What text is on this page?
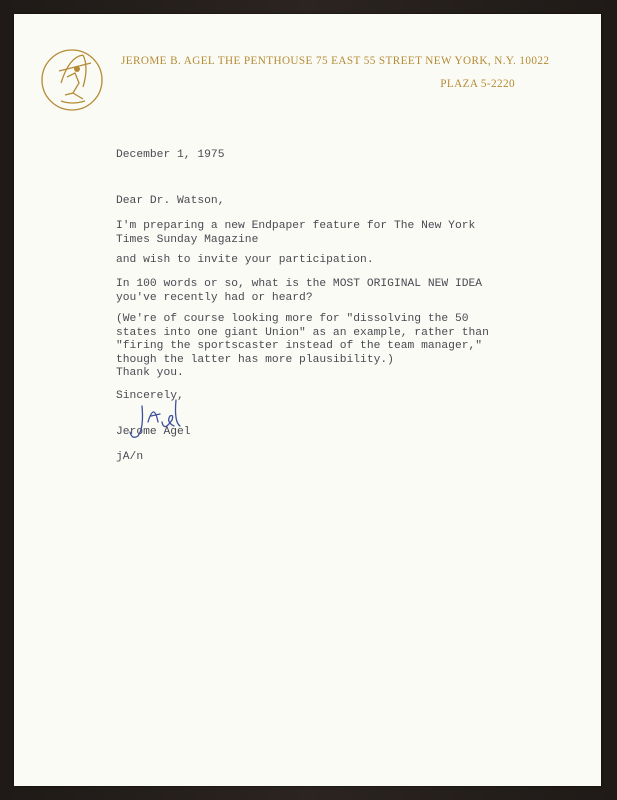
JEROME B. AGEL THE PENTHOUSE 75 EAST 55 STREET NEW YORK, N.Y. 10022
PLAZA 5-2220
December 1, 1975
Dear Dr. Watson,
I'm preparing a new Endpaper feature for The New York
Times Sunday Magazine
and wish to invite your participation.
In 100 words or so, what is the MOST ORIGINAL NEW IDEA
you've recently had or heard?
(We're of course looking more for "dissolving the 50
states into one giant Union" as an example, rather than
"firing the sportscaster instead of the team manager,"
though the latter has more plausibility.)
Thank you.
Sincerely,
Jerome Agel
jA/n
